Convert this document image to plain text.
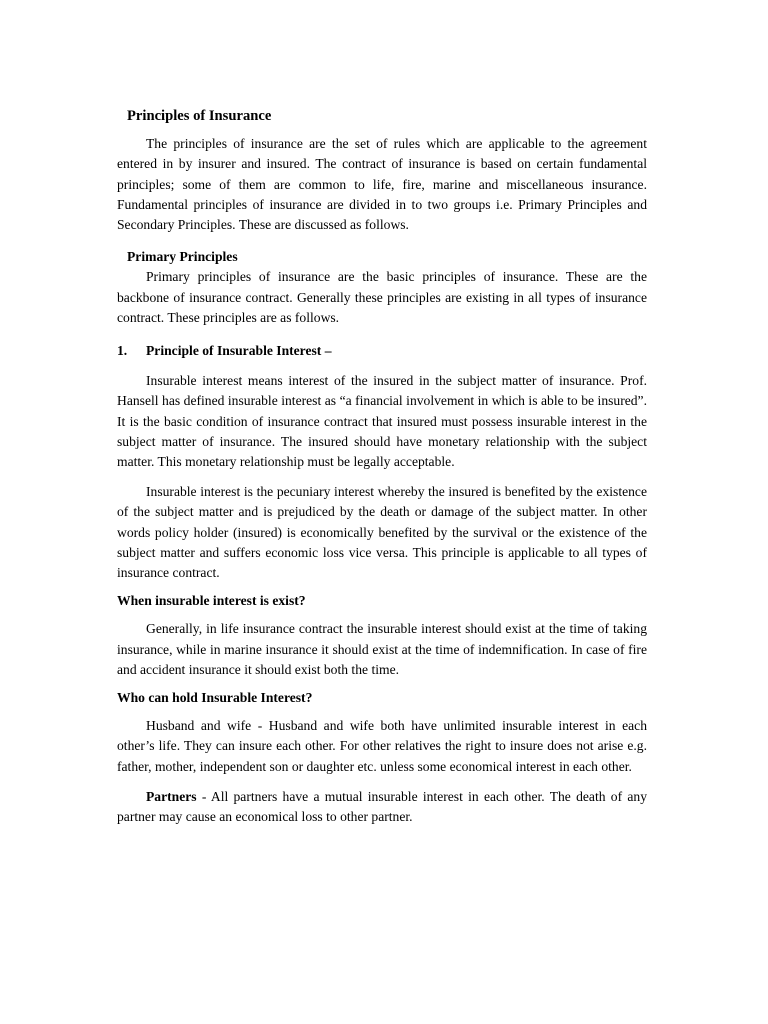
Principles of Insurance

The principles of insurance are the set of rules which are applicable to the agreement entered in by insurer and insured. The contract of insurance is based on certain fundamental principles; some of them are common to life, fire, marine and miscellaneous insurance. Fundamental principles of insurance are divided in to two groups i.e. Primary Principles and Secondary Principles. These are discussed as follows.

Primary Principles

Primary principles of insurance are the basic principles of insurance. These are the backbone of insurance contract. Generally these principles are existing in all types of insurance contract. These principles are as follows.

1. Principle of Insurable Interest –

Insurable interest means interest of the insured in the subject matter of insurance. Prof. Hansell has defined insurable interest as “a financial involvement in which is able to be insured”. It is the basic condition of insurance contract that insured must possess insurable interest in the subject matter of insurance. The insured should have monetary relationship with the subject matter. This monetary relationship must be legally acceptable.

Insurable interest is the pecuniary interest whereby the insured is benefited by the existence of the subject matter and is prejudiced by the death or damage of the subject matter. In other words policy holder (insured) is economically benefited by the survival or the existence of the subject matter and suffers economic loss vice versa. This principle is applicable to all types of insurance contract.

When insurable interest is exist?

Generally, in life insurance contract the insurable interest should exist at the time of taking insurance, while in marine insurance it should exist at the time of indemnification. In case of fire and accident insurance it should exist both the time.

Who can hold Insurable Interest?

Husband and wife - Husband and wife both have unlimited insurable interest in each other’s life. They can insure each other. For other relatives the right to insure does not arise e.g. father, mother, independent son or daughter etc. unless some economical interest in each other.

Partners - All partners have a mutual insurable interest in each other. The death of any partner may cause an economical loss to other partner.
